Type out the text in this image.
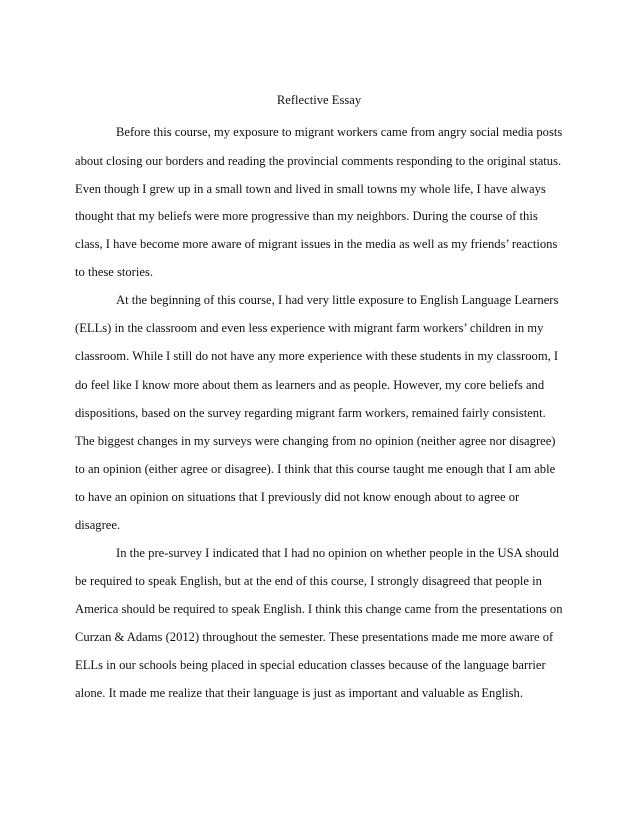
Reflective Essay
Before this course, my exposure to migrant workers came from angry social media posts
about closing our borders and reading the provincial comments responding to the original status.
Even though I grew up in a small town and lived in small towns my whole life, I have always
thought that my beliefs were more progressive than my neighbors. During the course of this
class, I have become more aware of migrant issues in the media as well as my friends’ reactions
to these stories.
At the beginning of this course, I had very little exposure to English Language Learners
(ELLs) in the classroom and even less experience with migrant farm workers’ children in my
classroom. While I still do not have any more experience with these students in my classroom, I
do feel like I know more about them as learners and as people. However, my core beliefs and
dispositions, based on the survey regarding migrant farm workers, remained fairly consistent.
The biggest changes in my surveys were changing from no opinion (neither agree nor disagree)
to an opinion (either agree or disagree). I think that this course taught me enough that I am able
to have an opinion on situations that I previously did not know enough about to agree or
disagree.
In the pre-survey I indicated that I had no opinion on whether people in the USA should
be required to speak English, but at the end of this course, I strongly disagreed that people in
America should be required to speak English. I think this change came from the presentations on
Curzan & Adams (2012) throughout the semester. These presentations made me more aware of
ELLs in our schools being placed in special education classes because of the language barrier
alone. It made me realize that their language is just as important and valuable as English.
